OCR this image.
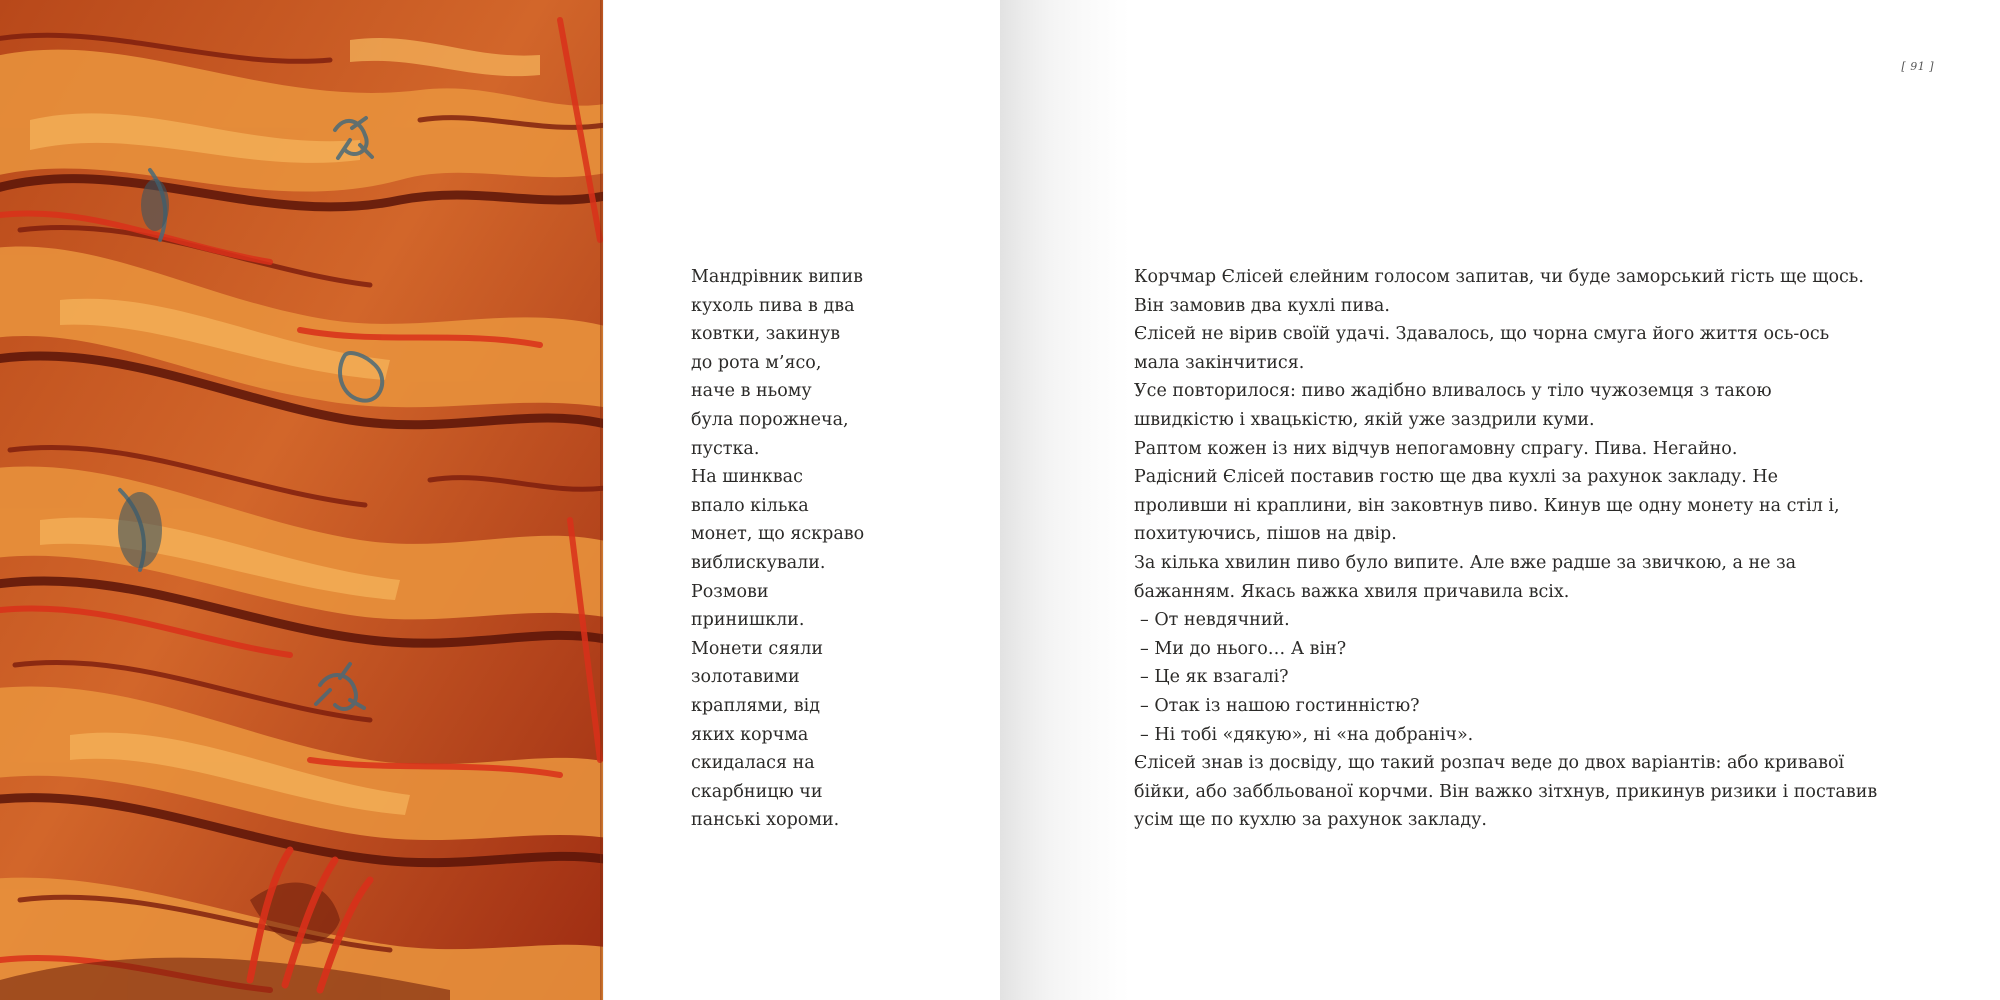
Мандрівник випив
кухоль пива в два
ковтки, закинув
до рота м’ясо,
наче в ньому
була порожнеча,
пустка.
На шинквас
впало кілька
монет, що яскраво
виблискували.
Розмови
принишкли.
Монети сяяли
золотавими
краплями, від
яких корчма
скидалася на
скарбницю чи
панські хороми.
[ 91 ]
Корчмар Єлісей єлейним голосом запитав, чи буде заморський гість ще щось.
Він замовив два кухлі пива.
Єлісей не вірив своїй удачі. Здавалось, що чорна смуга його життя ось-ось
мала закінчитися.
Усе повторилося: пиво жадібно вливалось у тіло чужоземця з такою
швидкістю і хвацькістю, якій уже заздрили куми.
Раптом кожен із них відчув непогамовну спрагу. Пива. Негайно.
Радісний Єлісей поставив гостю ще два кухлі за рахунок закладу. Не
проливши ні краплини, він заковтнув пиво. Кинув ще одну монету на стіл і,
похитуючись, пішов на двір.
За кілька хвилин пиво було випите. Але вже радше за звичкою, а не за
бажанням. Якась важка хвиля причавила всіх.
– От невдячний.
– Ми до нього… А він?
– Це як взагалі?
– Отак із нашою гостинністю?
– Ні тобі «дякую», ні «на добраніч».
Єлісей знав із досвіду, що такий розпач веде до двох варіантів: або кривавої
бійки, або заббльованої корчми. Він важко зітхнув, прикинув ризики і поставив
усім ще по кухлю за рахунок закладу.
